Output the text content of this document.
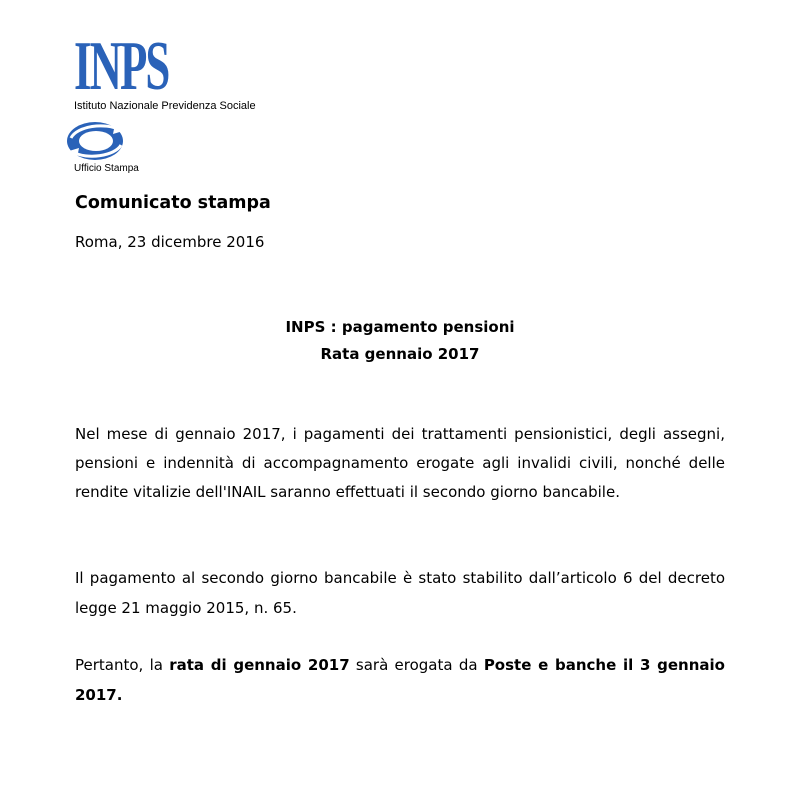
INPS
Istituto Nazionale Previdenza Sociale
Ufficio Stampa
Comunicato stampa
Roma, 23 dicembre 2016
INPS : pagamento pensioni
Rata gennaio 2017

Nel mese di gennaio 2017, i pagamenti dei trattamenti pensionistici, degli assegni, pensioni e indennità di accompagnamento erogate agli invalidi civili, nonché delle rendite vitalizie dell'INAIL saranno effettuati il secondo giorno bancabile.

Il pagamento al secondo giorno bancabile è stato stabilito dall’articolo 6 del decreto legge 21 maggio 2015, n. 65.

Pertanto, la rata di gennaio 2017 sarà erogata da Poste e banche il 3 gennaio 2017.
